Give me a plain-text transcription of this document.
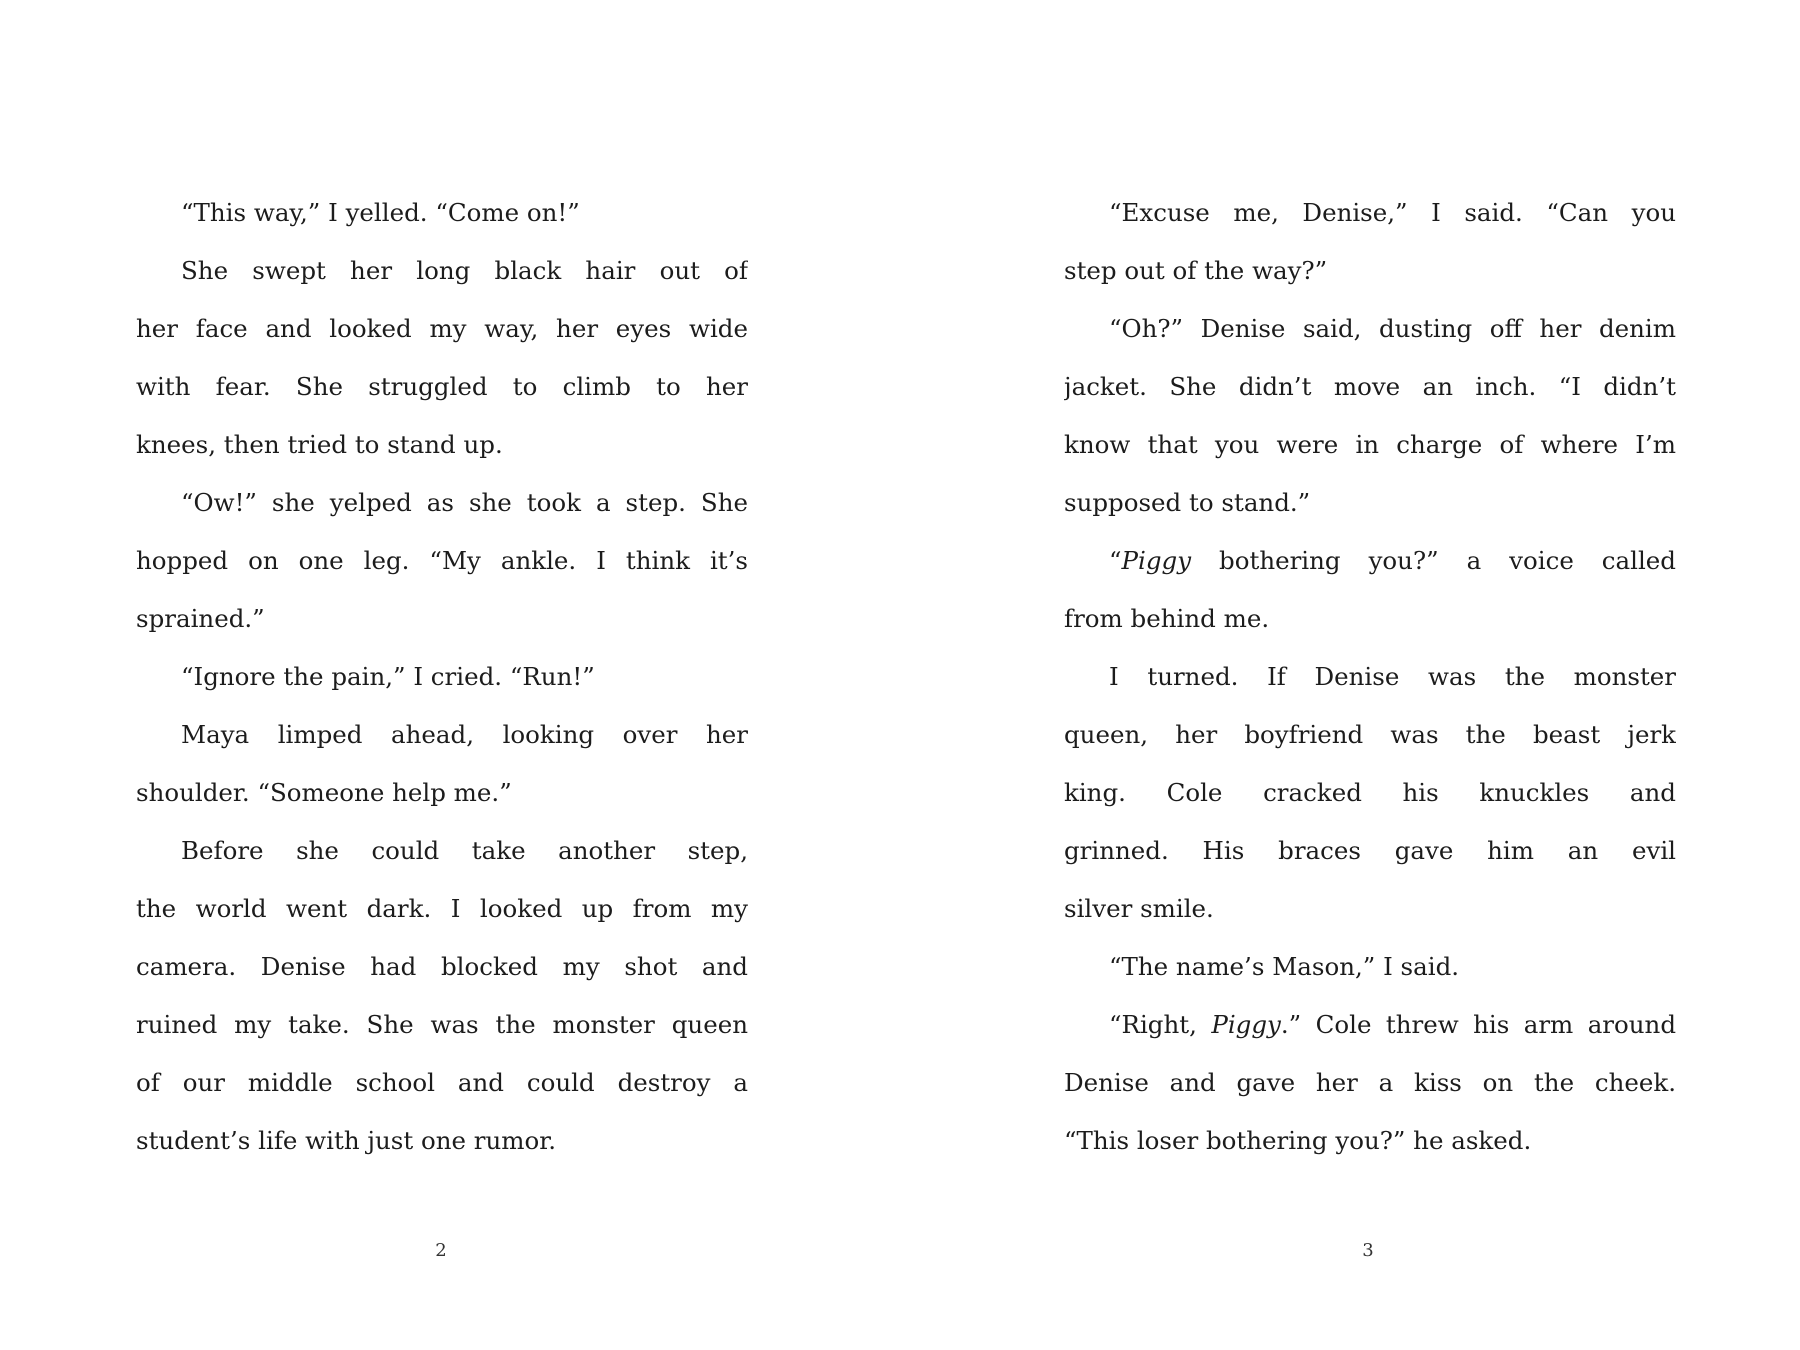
“This way,” I yelled. “Come on!”
She swept her long black hair out of
her face and looked my way, her eyes wide
with fear. She struggled to climb to her
knees, then tried to stand up.
“Ow!” she yelped as she took a step. She
hopped on one leg. “My ankle. I think it’s
sprained.”
“Ignore the pain,” I cried. “Run!”
Maya limped ahead, looking over her
shoulder. “Someone help me.”
Before she could take another step,
the world went dark. I looked up from my
camera. Denise had blocked my shot and
ruined my take. She was the monster queen
of our middle school and could destroy a
student’s life with just one rumor.
2
“Excuse me, Denise,” I said. “Can you
step out of the way?”
“Oh?” Denise said, dusting off her denim
jacket. She didn’t move an inch. “I didn’t
know that you were in charge of where I’m
supposed to stand.”
“Piggy bothering you?” a voice called
from behind me.
I turned. If Denise was the monster
queen, her boyfriend was the beast jerk
king. Cole cracked his knuckles and
grinned. His braces gave him an evil
silver smile.
“The name’s Mason,” I said.
“Right, Piggy.” Cole threw his arm around
Denise and gave her a kiss on the cheek.
“This loser bothering you?” he asked.
3
